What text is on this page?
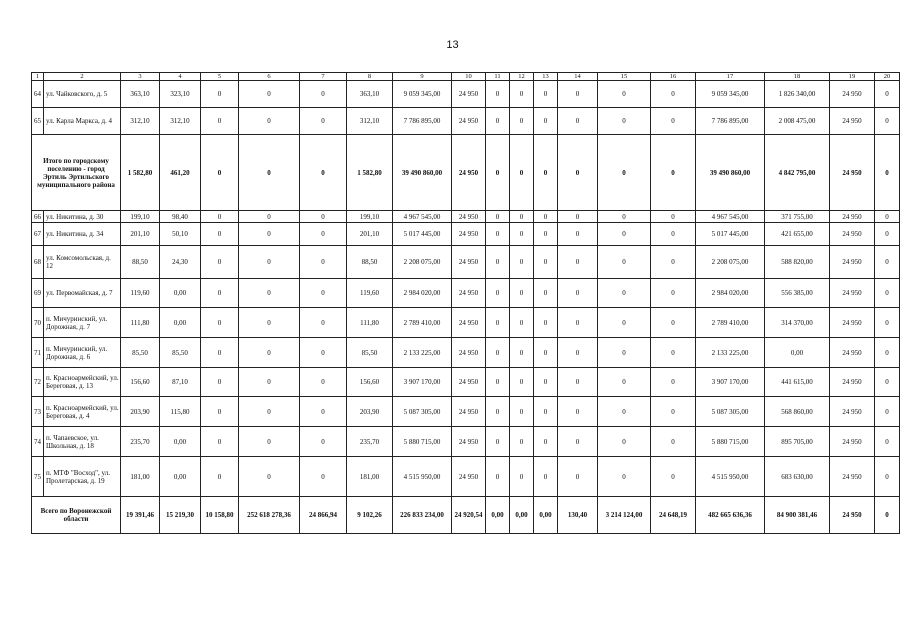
13
1	2	3	4	5	6	7	8	9	10	11	12	13	14	15	16	17	18	19	20
64	ул. Чайковского, д. 5	363,10	323,10	0	0	0	363,10	9 059 345,00	24 950	0	0	0	0	0	0	9 059 345,00	1 826 340,00	24 950	0
65	ул. Карла Маркса, д. 4	312,10	312,10	0	0	0	312,10	7 786 895,00	24 950	0	0	0	0	0	0	7 786 895,00	2 008 475,00	24 950	0
Итого по городскому поселению - город Эртиль Эртильского муниципального района		1 582,80	461,20	0	0	0	1 582,80	39 490 860,00	24 950	0	0	0	0	0	0	39 490 860,00	4 842 795,00	24 950	0
66	ул. Никитина, д. 30	199,10	98,40	0	0	0	199,10	4 967 545,00	24 950	0	0	0	0	0	0	4 967 545,00	371 755,00	24 950	0
67	ул. Никитина, д. 34	201,10	50,10	0	0	0	201,10	5 017 445,00	24 950	0	0	0	0	0	0	5 017 445,00	421 655,00	24 950	0
68	ул. Комсомольская, д. 12	88,50	24,30	0	0	0	88,50	2 208 075,00	24 950	0	0	0	0	0	0	2 208 075,00	588 820,00	24 950	0
69	ул. Первомайская, д. 7	119,60	0,00	0	0	0	119,60	2 984 020,00	24 950	0	0	0	0	0	0	2 984 020,00	556 385,00	24 950	0
70	п. Мичуринский, ул. Дорожная, д. 7	111,80	0,00	0	0	0	111,80	2 789 410,00	24 950	0	0	0	0	0	0	2 789 410,00	314 370,00	24 950	0
71	п. Мичуринский, ул. Дорожная, д. 6	85,50	85,50	0	0	0	85,50	2 133 225,00	24 950	0	0	0	0	0	0	2 133 225,00	0,00	24 950	0
72	п. Красноармейский, ул. Береговая, д. 13	156,60	87,10	0	0	0	156,60	3 907 170,00	24 950	0	0	0	0	0	0	3 907 170,00	441 615,00	24 950	0
73	п. Красноармейский, ул. Береговая, д. 4	203,90	115,80	0	0	0	203,90	5 087 305,00	24 950	0	0	0	0	0	0	5 087 305,00	568 860,00	24 950	0
74	п. Чапаевское, ул. Школьная, д. 18	235,70	0,00	0	0	0	235,70	5 880 715,00	24 950	0	0	0	0	0	0	5 880 715,00	895 705,00	24 950	0
75	п. МТФ "Восход", ул. Пролетарская, д. 19	181,00	0,00	0	0	0	181,00	4 515 950,00	24 950	0	0	0	0	0	0	4 515 950,00	683 630,00	24 950	0
Всего по Воронежской области		19 391,46	15 219,30	10 158,80	252 618 278,36	24 866,94	9 102,26	226 833 234,00	24 920,54	0,00	0,00	0,00	130,40	3 214 124,00	24 648,19	482 665 636,36	84 900 381,46	24 950	0
